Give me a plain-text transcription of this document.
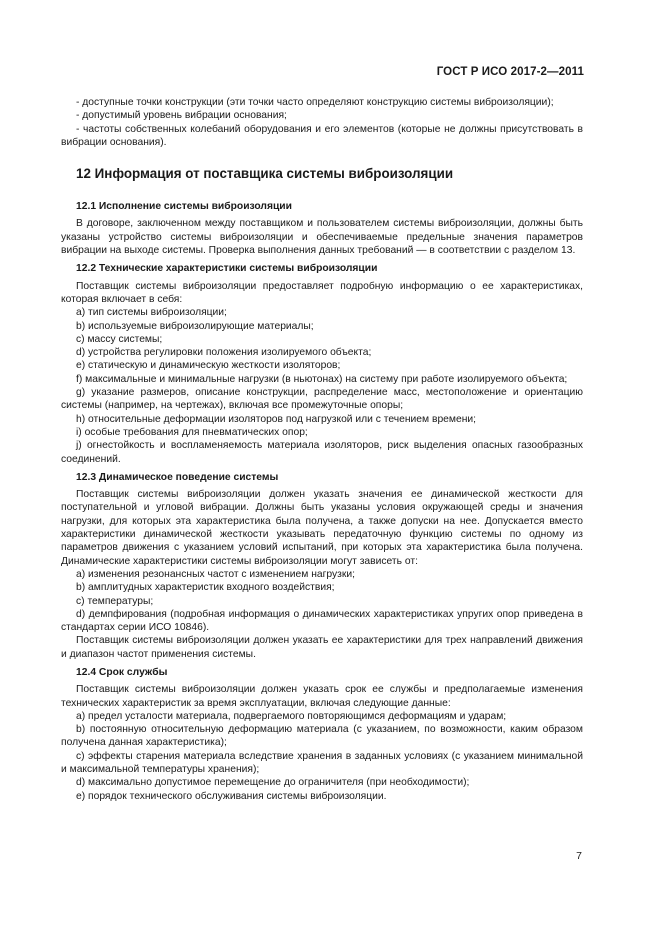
ГОСТ Р ИСО 2017-2—2011

- доступные точки конструкции (эти точки часто определяют конструкцию системы виброизоляции);

- допустимый уровень вибрации основания;

- частоты собственных колебаний оборудования и его элементов (которые не должны присутствовать в вибрации основания).

12 Информация от поставщика системы виброизоляции

12.1 Исполнение системы виброизоляции

В договоре, заключенном между поставщиком и пользователем системы виброизоляции, должны быть указаны устройство системы виброизоляции и обеспечиваемые предельные значения параметров вибрации на выходе системы. Проверка выполнения данных требований — в соответствии с разделом 13.

12.2 Технические характеристики системы виброизоляции

Поставщик системы виброизоляции предоставляет подробную информацию о ее характеристиках, которая включает в себя:

a) тип системы виброизоляции;

b) используемые виброизолирующие материалы;

c) массу системы;

d) устройства регулировки положения изолируемого объекта;

e) статическую и динамическую жесткости изоляторов;

f) максимальные и минимальные нагрузки (в ньютонах) на систему при работе изолируемого объекта;

g) указание размеров, описание конструкции, распределение масс, местоположение и ориентацию системы (например, на чертежах), включая все промежуточные опоры;

h) относительные деформации изоляторов под нагрузкой или с течением времени;

i) особые требования для пневматических опор;

j) огнестойкость и воспламеняемость материала изоляторов, риск выделения опасных газообразных соединений.

12.3 Динамическое поведение системы

Поставщик системы виброизоляции должен указать значения ее динамической жесткости для поступательной и угловой вибрации. Должны быть указаны условия окружающей среды и значения нагрузки, для которых эта характеристика была получена, а также допуски на нее. Допускается вместо характеристики динамической жесткости указывать передаточную функцию системы по одному из параметров движения с указанием условий испытаний, при которых эта характеристика была получена. Динамические характеристики системы виброизоляции могут зависеть от:

a) изменения резонансных частот с изменением нагрузки;

b) амплитудных характеристик входного воздействия;

c) температуры;

d) демпфирования (подробная информация о динамических характеристиках упругих опор приведена в стандартах серии ИСО 10846).

Поставщик системы виброизоляции должен указать ее характеристики для трех направлений движения и диапазон частот применения системы.

12.4 Срок службы

Поставщик системы виброизоляции должен указать срок ее службы и предполагаемые изменения технических характеристик за время эксплуатации, включая следующие данные:

a) предел усталости материала, подвергаемого повторяющимся деформациям и ударам;

b) постоянную относительную деформацию материала (с указанием, по возможности, каким образом получена данная характеристика);

c) эффекты старения материала вследствие хранения в заданных условиях (с указанием минимальной и максимальной температуры хранения);

d) максимально допустимое перемещение до ограничителя (при необходимости);

e) порядок технического обслуживания системы виброизоляции.

7
